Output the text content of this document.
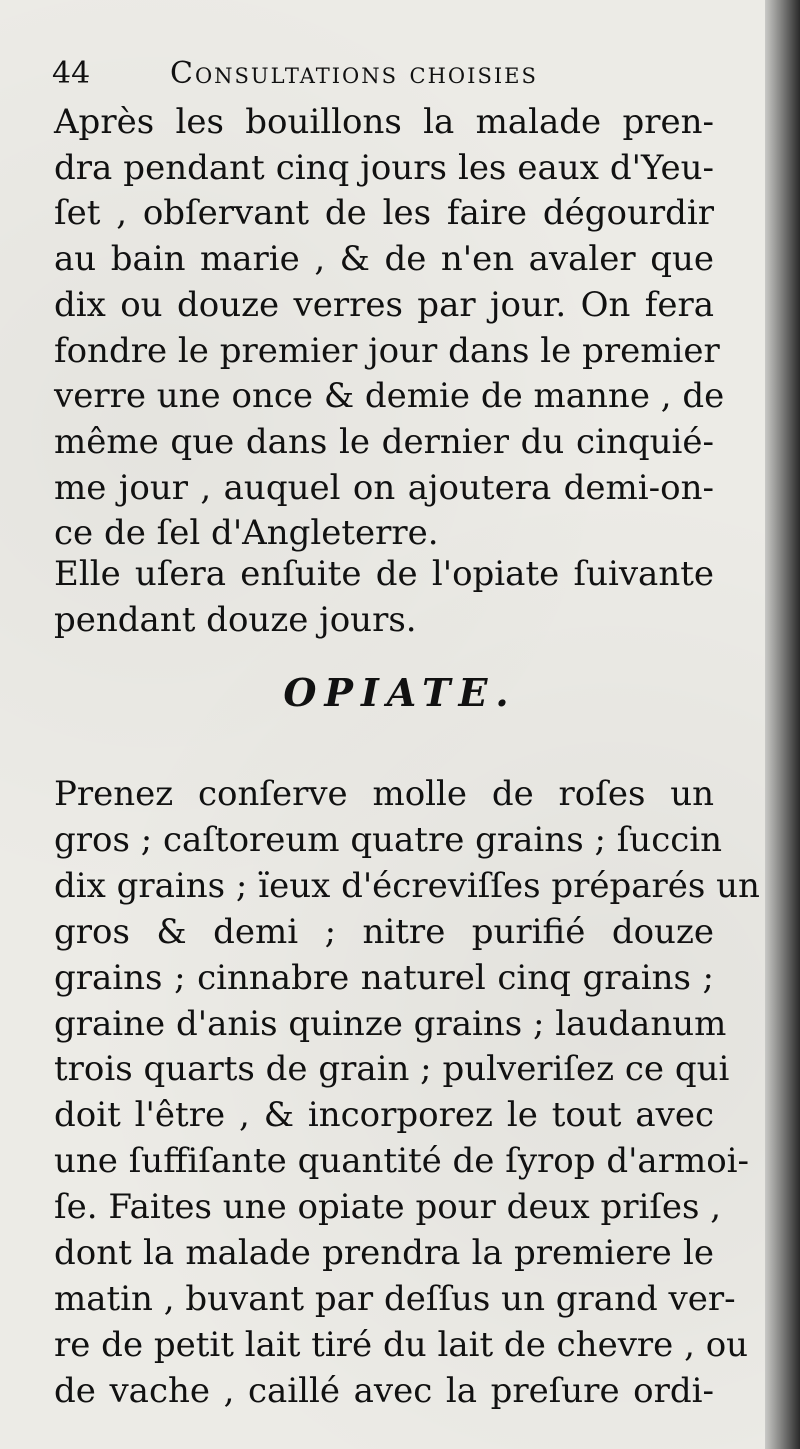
44	Consultations choisies
Après les bouillons la malade pren-
dra pendant cinq jours les eaux d'Yeu-
ſet , obſervant de les faire dégourdir
au bain marie , & de n'en avaler que
dix ou douze verres par jour. On fera
fondre le premier jour dans le premier
verre une once & demie de manne , de
même que dans le dernier du cinquié-
me jour , auquel on ajoutera demi-on-
ce de ſel d'Angleterre.
Elle uſera enſuite de l'opiate ſuivante
pendant douze jours.
OPIATE.
Prenez conſerve molle de roſes un
gros ; caſtoreum quatre grains ; ſuccin
dix grains ; ïeux d'écreviſſes préparés un
gros & demi ; nitre purifié douze
grains ; cinnabre naturel cinq grains ;
graine d'anis quinze grains ; laudanum
trois quarts de grain ; pulveriſez ce qui
doit l'être , & incorporez le tout avec
une ſuffiſante quantité de ſyrop d'armoi-
ſe. Faites une opiate pour deux priſes ,
dont la malade prendra la premiere le
matin , buvant par deſſus un grand ver-
re de petit lait tiré du lait de chevre , ou
de vache , caillé avec la preſure ordi-
